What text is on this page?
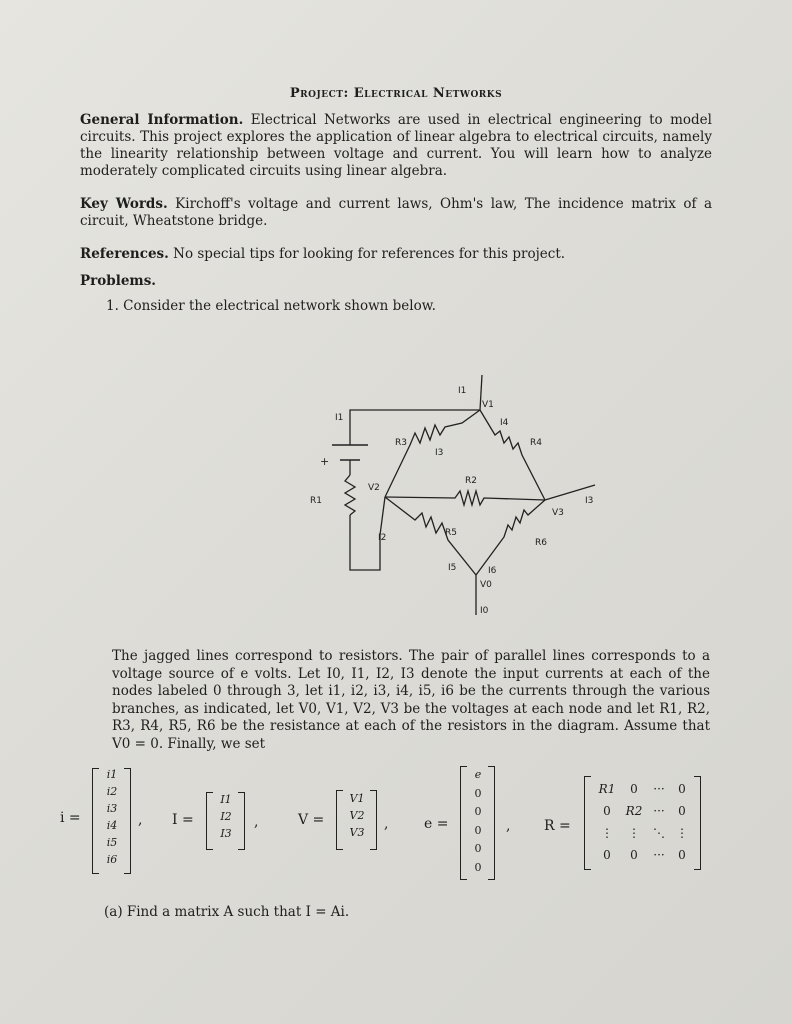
Project: Electrical Networks
General Information. Electrical Networks are used in electrical engineering to model circuits. This project explores the application of linear algebra to electrical circuits, namely the linearity relationship between voltage and current. You will learn how to analyze moderately complicated circuits using linear algebra.
Key Words. Kirchoff's voltage and current laws, Ohm's law, The incidence matrix of a circuit, Wheatstone bridge.
References. No special tips for looking for references for this project.
Problems.
1. Consider the electrical network shown below.
I1
V1
I4
I1
R3
I3
R4
R2
V2
R1
V3
I3
I2	R5
R6
I5	I6
V0
I0
+
The jagged lines correspond to resistors. The pair of parallel lines corresponds to a voltage source of e volts. Let I0, I1, I2, I3 denote the input currents at each of the nodes labeled 0 through 3, let i1, i2, i3, i4, i5, i6 be the currents through the various branches, as indicated, let V0, V1, V2, V3 be the voltages at each node and let R1, R2, R3, R4, R5, R6 be the resistance at each of the resistors in the diagram. Assume that V0 = 0. Finally, we set
i =
i1
i2
i3
i4
i5
i6
, I =
I1
I2
I3
,	V =
V1
V2
V3
,	e =
e
0
0
0
0
0
, R =
R1	0	···	0
0	R2 ···	0
⋮	⋮	⋱ ⋮
0	0	···	0
(a) Find a matrix A such that I = Ai.
